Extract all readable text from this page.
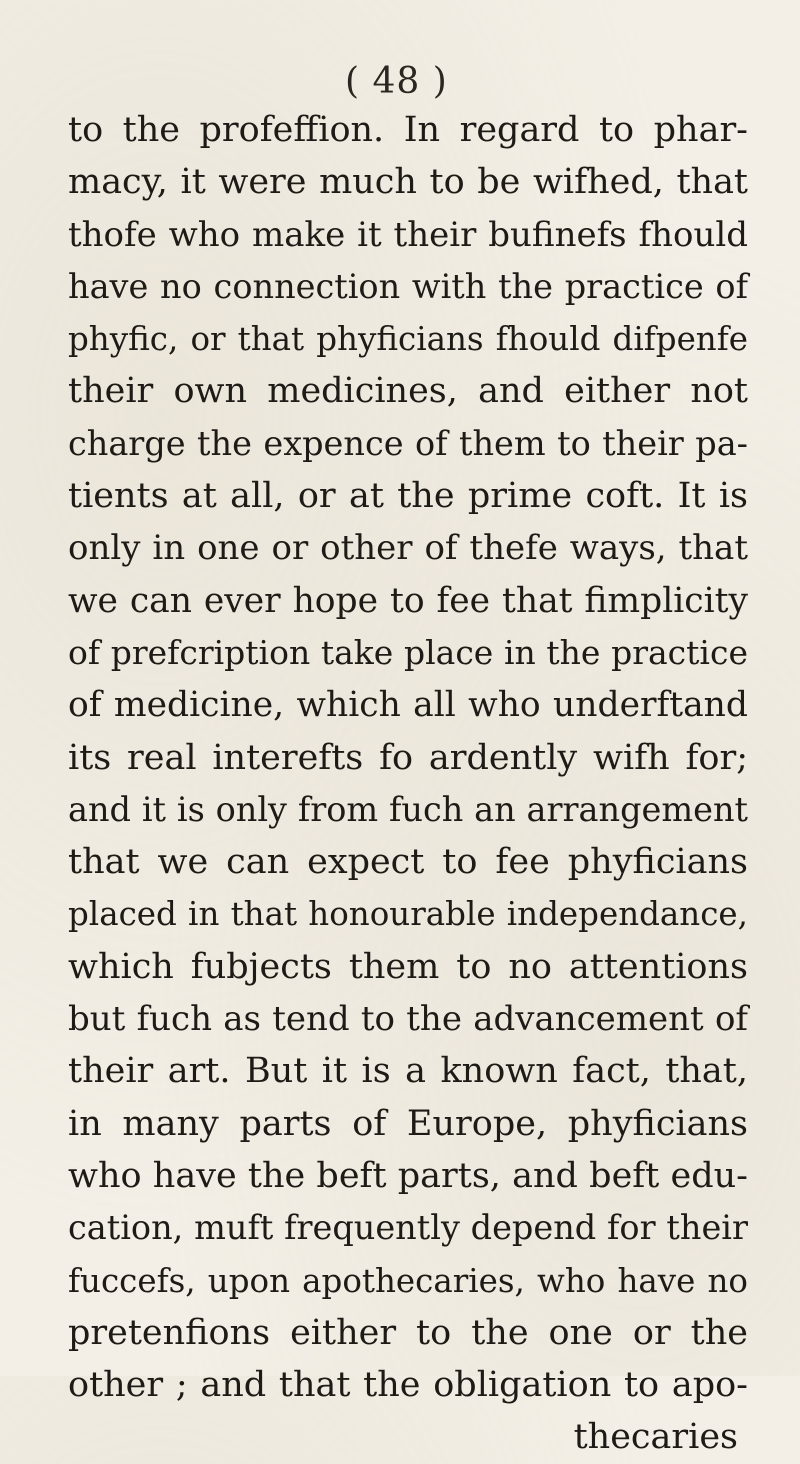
( 48 )
to the profeffion. In regard to phar-
macy, it were much to be wifhed, that
thofe who make it their bufinefs fhould
have no connection with the practice of
phyfic, or that phyficians fhould difpenfe
their own medicines, and either not
charge the expence of them to their pa-
tients at all, or at the prime coft. It is
only in one or other of thefe ways, that
we can ever hope to fee that fimplicity
of prefcription take place in the practice
of medicine, which all who underftand
its real interefts fo ardently wifh for;
and it is only from fuch an arrangement
that we can expect to fee phyficians
placed in that honourable independance,
which fubjects them to no attentions
but fuch as tend to the advancement of
their art. But it is a known fact, that,
in many parts of Europe, phyficians
who have the beft parts, and beft edu-
cation, muft frequently depend for their
fuccefs, upon apothecaries, who have no
pretenfions either to the one or the
other ; and that the obligation to apo-
thecaries
